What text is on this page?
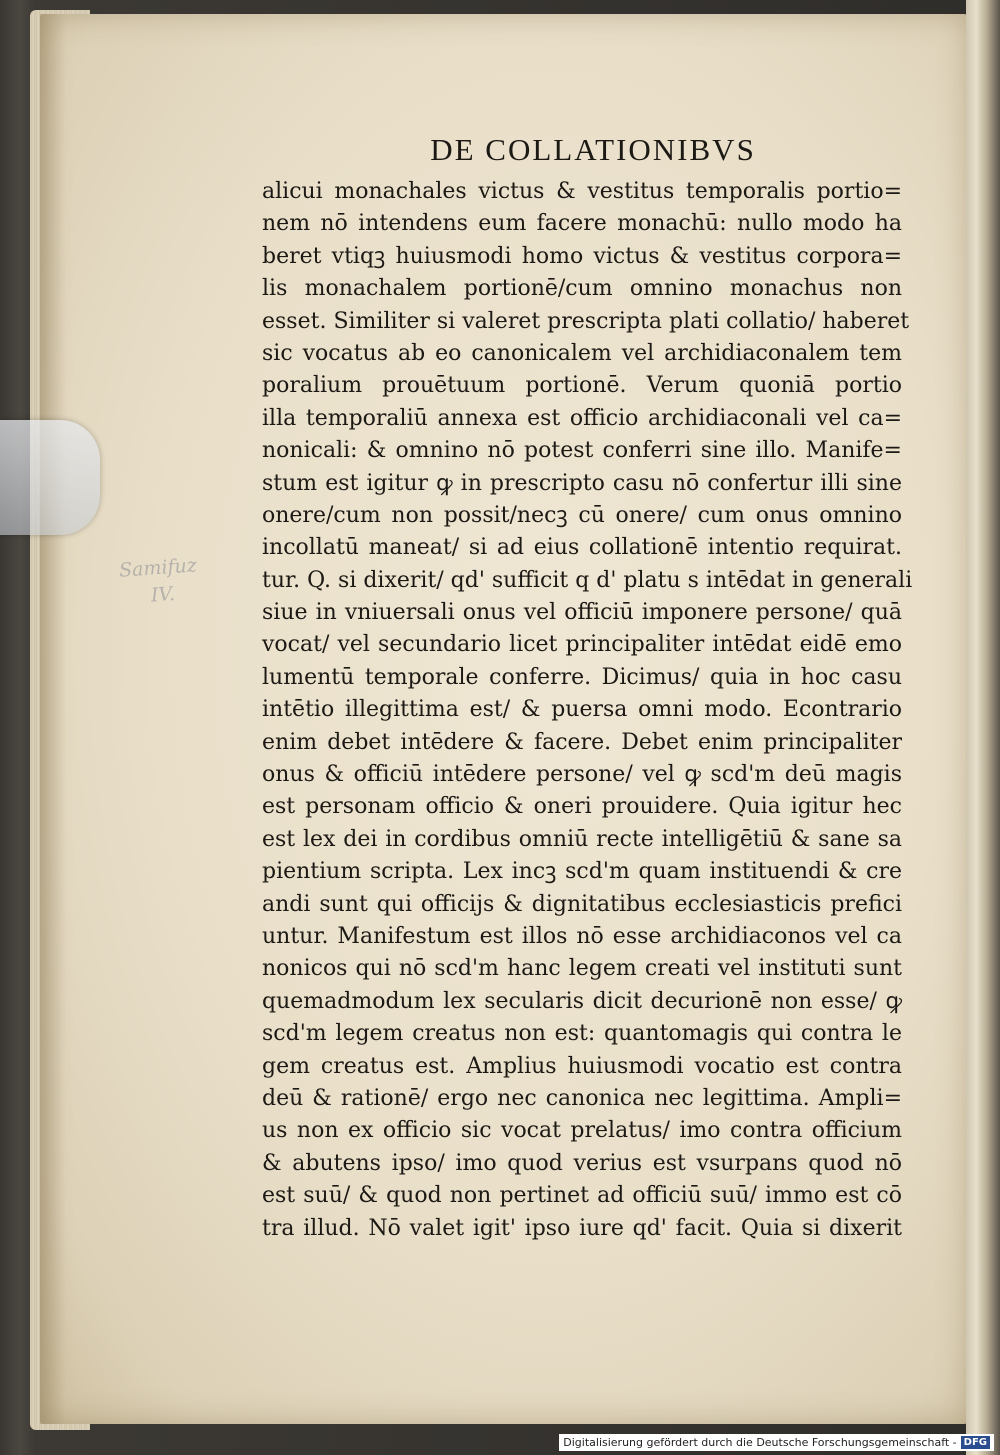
Samifuz
IV.
DE COLLATIONIBVS
alicui monachales victus & vestitus temporalis portio=
nem nō intendens eum facere monachū: nullo modo ha
beret vtiqꝫ huiusmodi homo victus & vestitus corpora=
lis monachalem portionē/cum omnino monachus non
esset. Similiter si valeret prescripta plati collatio/ haberet
sic vocatus ab eo canonicalem vel archidiaconalem tem
poralium prouētuum portionē. Verum quoniā portio
illa temporaliū annexa est officio archidiaconali vel ca=
nonicali: & omnino nō potest conferri sine illo. Manife=
stum est igitur ꝙ in prescripto casu nō confertur illi sine
onere/cum non possit/necꝫ cū onere/ cum onus omnino
incollatū maneat/ si ad eius collationē intentio requirat.
tur. Q. si dixerit/ qd' sufficit q d' platu s intēdat in generali
siue in vniuersali onus vel officiū imponere persone/ quā
vocat/ vel secundario licet principaliter intēdat eidē emo
lumentū temporale conferre. Dicimus/ quia in hoc casu
intētio illegittima est/ & puersa omni modo. Econtrario
enim debet intēdere & facere. Debet enim principaliter
onus & officiū intēdere persone/ vel ꝙ scd'm deū magis
est personam officio & oneri prouidere. Quia igitur hec
est lex dei in cordibus omniū recte intelligētiū & sane sa
pientium scripta. Lex incꝫ scd'm quam instituendi & cre
andi sunt qui officijs & dignitatibus ecclesiasticis prefici
untur. Manifestum est illos nō esse archidiaconos vel ca
nonicos qui nō scd'm hanc legem creati vel instituti sunt
quemadmodum lex secularis dicit decurionē non esse/ ꝙ
scd'm legem creatus non est: quantomagis qui contra le
gem creatus est. Amplius huiusmodi vocatio est contra
deū & rationē/ ergo nec canonica nec legittima. Ampli=
us non ex officio sic vocat prelatus/ imo contra officium
& abutens ipso/ imo quod verius est vsurpans quod nō
est suū/ & quod non pertinet ad officiū suū/ immo est cō
tra illud. Nō valet igit' ipso iure qd' facit. Quia si dixerit
Digitalisierung gefördert durch die Deutsche Forschungsgemeinschaft - DFG
